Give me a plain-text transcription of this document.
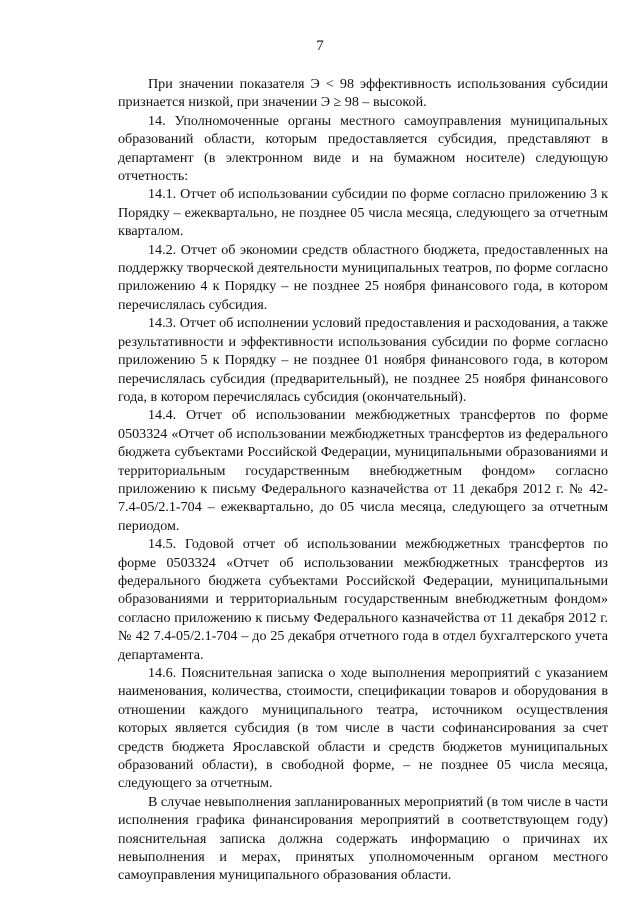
7

При значении показателя Э < 98 эффективность использования субсидии признается низкой, при значении Э ≥ 98 – высокой.

14. Уполномоченные органы местного самоуправления муниципальных образований области, которым предоставляется субсидия, представляют в департамент (в электронном виде и на бумажном носителе) следующую отчетность:

14.1. Отчет об использовании субсидии по форме согласно приложению 3 к Порядку – ежеквартально, не позднее 05 числа месяца, следующего за отчетным кварталом.

14.2. Отчет об экономии средств областного бюджета, предоставленных на поддержку творческой деятельности муниципальных театров, по форме согласно приложению 4 к Порядку – не позднее 25 ноября финансового года, в котором перечислялась субсидия.

14.3. Отчет об исполнении условий предоставления и расходования, а также результативности и эффективности использования субсидии по форме согласно приложению 5 к Порядку – не позднее 01 ноября финансового года, в котором перечислялась субсидия (предварительный), не позднее 25 ноября финансового года, в котором перечислялась субсидия (окончательный).

14.4. Отчет об использовании межбюджетных трансфертов по форме 0503324 «Отчет об использовании межбюджетных трансфертов из федерального бюджета субъектами Российской Федерации, муниципальными образованиями и территориальным государственным внебюджетным фондом» согласно приложению к письму Федерального казначейства от 11 декабря 2012 г. № 42-7.4-05/2.1-704 – ежеквартально, до 05 числа месяца, следующего за отчетным периодом.

14.5. Годовой отчет об использовании межбюджетных трансфертов по форме 0503324 «Отчет об использовании межбюджетных трансфертов из федерального бюджета субъектами Российской Федерации, муниципальными образованиями и территориальным государственным внебюджетным фондом» согласно приложению к письму Федерального казначейства от 11 декабря 2012 г. № 42 7.4-05/2.1-704 – до 25 декабря отчетного года в отдел бухгалтерского учета департамента.

14.6. Пояснительная записка о ходе выполнения мероприятий с указанием наименования, количества, стоимости, спецификации товаров и оборудования в отношении каждого муниципального театра, источником осуществления которых является субсидия (в том числе в части софинансирования за счет средств бюджета Ярославской области и средств бюджетов муниципальных образований области), в свободной форме, – не позднее 05 числа месяца, следующего за отчетным.

В случае невыполнения запланированных мероприятий (в том числе в части исполнения графика финансирования мероприятий в соответствующем году) пояснительная записка должна содержать информацию о причинах их невыполнения и мерах, принятых уполномоченным органом местного самоуправления муниципального образования области.
